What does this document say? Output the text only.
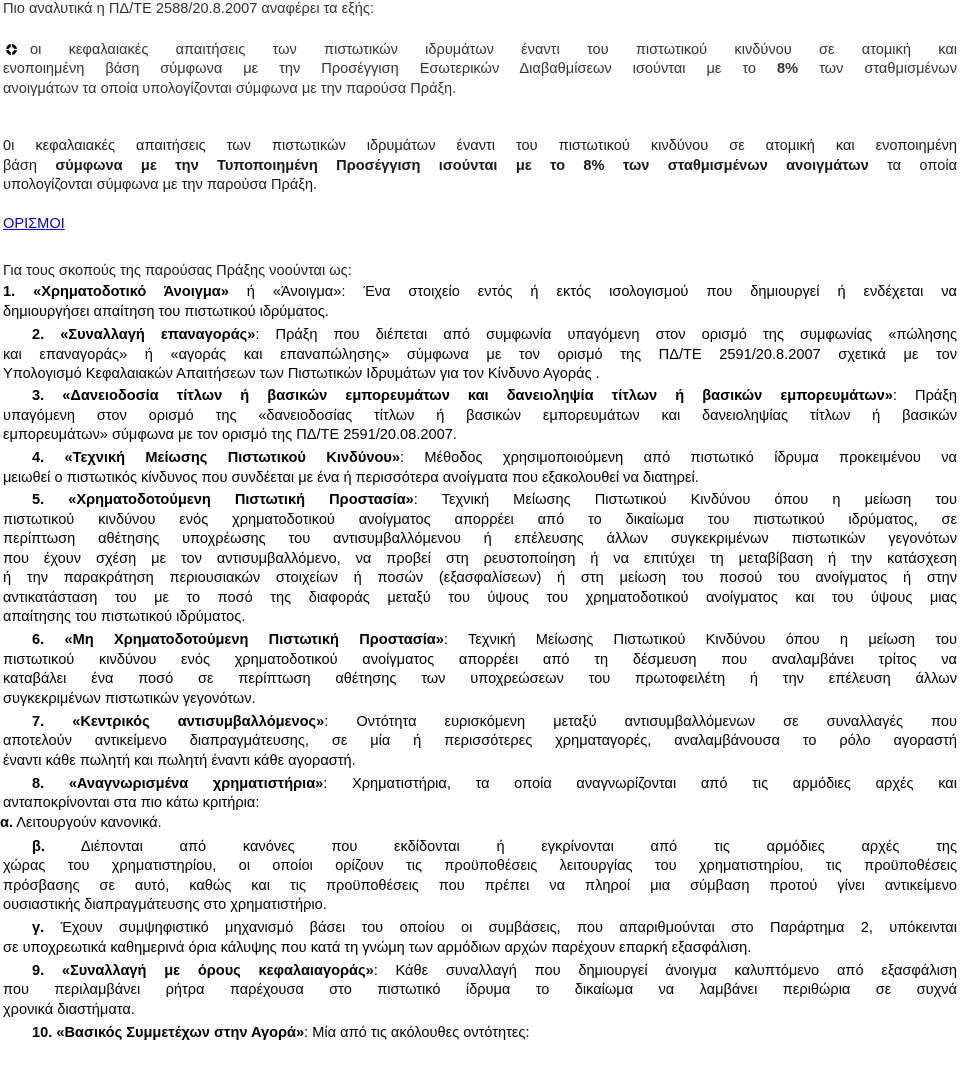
Πιο αναλυτικά η ΠΔ/ΤΕ 2588/20.8.2007 αναφέρει τα εξής:
οι κεφαλαιακές απαιτήσεις των πιστωτικών ιδρυμάτων έναντι του πιστωτικού κινδύνου σε ατομική και
ενοποιημένη βάση σύμφωνα με την Προσέγγιση Εσωτερικών Διαβαθμίσεων ισούνται με το 8% των σταθμισμένων
ανοιγμάτων τα οποία υπολογίζονται σύμφωνα με την παρούσα Πράξη.
0ι κεφαλαιακές απαιτήσεις των πιστωτικών ιδρυμάτων έναντι του πιστωτικού κινδύνου σε ατομική και ενοποιημένη
βάση σύμφωνα με την Τυποποιημένη Προσέγγιση ισούνται με το 8% των σταθμισμένων ανοιγμάτων τα οποία
υπολογίζονται σύμφωνα με την παρούσα Πράξη.
ΟΡΙΣΜΟΙ
Για τους σκοπούς της παρούσας Πράξης νοούνται ως:
1. «Χρηματοδοτικό Άνοιγμα» ή «Άνοιγμα»: Ένα στοιχείο εντός ή εκτός ισολογισμού που δημιουργεί ή ενδέχεται να
δημιουργήσει απαίτηση του πιστωτικού ιδρύματος.
2. «Συναλλαγή επαναγοράς»: Πράξη που διέπεται από συμφωνία υπαγόμενη στον ορισμό της συμφωνίας «πώλησης
και επαναγοράς» ή «αγοράς και επαναπώλησης» σύμφωνα με τον ορισμό της ΠΔ/ΤΕ 2591/20.8.2007 σχετικά με τον
Υπολογισμό Κεφαλαιακών Απαιτήσεων των Πιστωτικών Ιδρυμάτων για τον Κίνδυνο Αγοράς .
3. «Δανειοδοσία τίτλων ή βασικών εμπορευμάτων και δανειοληψία τίτλων ή βασικών εμπορευμάτων»: Πράξη
υπαγόμενη στον ορισμό της «δανειοδοσίας τίτλων ή βασικών εμπορευμάτων και δανειοληψίας τίτλων ή βασικών
εμπορευμάτων» σύμφωνα με τον ορισμό της ΠΔ/ΤΕ 2591/20.08.2007.
4. «Τεχνική Μείωσης Πιστωτικού Κινδύνου»: Μέθοδος χρησιμοποιούμενη από πιστωτικό ίδρυμα προκειμένου να
μειωθεί ο πιστωτικός κίνδυνος που συνδέεται με ένα ή περισσότερα ανοίγματα που εξακολουθεί να διατηρεί.
5. «Χρηματοδοτούμενη Πιστωτική Προστασία»: Τεχνική Μείωσης Πιστωτικού Κινδύνου όπου η μείωση του
πιστωτικού κινδύνου ενός χρηματοδοτικού ανοίγματος απορρέει από το δικαίωμα του πιστωτικού ιδρύματος, σε
περίπτωση αθέτησης υποχρέωσης του αντισυμβαλλόμενου ή επέλευσης άλλων συγκεκριμένων πιστωτικών γεγονότων
που έχουν σχέση με τον αντισυμβαλλόμενο, να προβεί στη ρευστοποίηση ή να επιτύχει τη μεταβίβαση ή την κατάσχεση
ή την παρακράτηση περιουσιακών στοιχείων ή ποσών (εξασφαλίσεων) ή στη μείωση του ποσού του ανοίγματος ή στην
αντικατάσταση του με το ποσό της διαφοράς μεταξύ του ύψους του χρηματοδοτικού ανοίγματος και του ύψους μιας
απαίτησης του πιστωτικού ιδρύματος.
6. «Μη Χρηματοδοτούμενη Πιστωτική Προστασία»: Τεχνική Μείωσης Πιστωτικού Κινδύνου όπου η μείωση του
πιστωτικού κινδύνου ενός χρηματοδοτικού ανοίγματος απορρέει από τη δέσμευση που αναλαμβάνει τρίτος να
καταβάλει ένα ποσό σε περίπτωση αθέτησης των υποχρεώσεων του πρωτοφειλέτη ή την επέλευση άλλων
συγκεκριμένων πιστωτικών γεγονότων.
7. «Κεντρικός αντισυμβαλλόμενος»: Οντότητα ευρισκόμενη μεταξύ αντισυμβαλλόμενων σε συναλλαγές που
αποτελούν αντικείμενο διαπραγμάτευσης, σε μία ή περισσότερες χρηματαγορές, αναλαμβάνουσα το ρόλο αγοραστή
έναντι κάθε πωλητή και πωλητή έναντι κάθε αγοραστή.
8. «Αναγνωρισμένα χρηματιστήρια»: Χρηματιστήρια, τα οποία αναγνωρίζονται από τις αρμόδιες αρχές και
ανταποκρίνονται στα πιο κάτω κριτήρια:
α. Λειτουργούν κανονικά.
β. Διέπονται από κανόνες που εκδίδονται ή εγκρίνονται από τις αρμόδιες αρχές της
χώρας του χρηματιστηρίου, οι οποίοι ορίζουν τις προϋποθέσεις λειτουργίας του χρηματιστηρίου, τις προϋποθέσεις
πρόσβασης σε αυτό, καθώς και τις προϋποθέσεις που πρέπει να πληροί μια σύμβαση προτού γίνει αντικείμενο
ουσιαστικής διαπραγμάτευσης στο χρηματιστήριο.
γ. Έχουν συμψηφιστικό μηχανισμό βάσει του οποίου οι συμβάσεις, που απαριθμούνται στο Παράρτημα 2, υπόκεινται
σε υποχρεωτικά καθημερινά όρια κάλυψης που κατά τη γνώμη των αρμόδιων αρχών παρέχουν επαρκή εξασφάλιση.
9. «Συναλλαγή με όρους κεφαλαιαγοράς»: Κάθε συναλλαγή που δημιουργεί άνοιγμα καλυπτόμενο από εξασφάλιση
που περιλαμβάνει ρήτρα παρέχουσα στο πιστωτικό ίδρυμα το δικαίωμα να λαμβάνει περιθώρια σε συχνά
χρονικά διαστήματα.
10. «Βασικός Συμμετέχων στην Αγορά»: Μία από τις ακόλουθες οντότητες:
